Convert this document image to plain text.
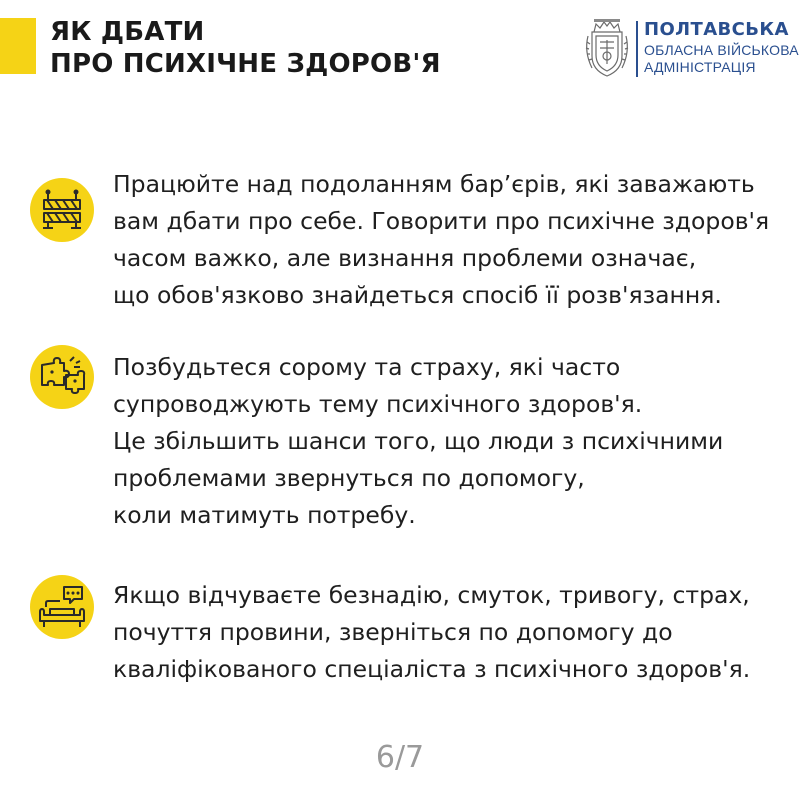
ЯК ДБАТИ
ПРО ПСИХІЧНЕ ЗДОРОВ'Я
ПОЛТАВСЬКА
ОБЛАСНА ВІЙСЬКОВА
АДМІНІСТРАЦІЯ
Працюйте над подоланням бар’єрів, які заважають
вам дбати про себе. Говорити про психічне здоров'я
часом важко, але визнання проблеми означає,
що обов'язково знайдеться спосіб її розв'язання.
Позбудьтеся сорому та страху, які часто
супроводжують тему психічного здоров'я.
Це збільшить шанси того, що люди з психічними
проблемами звернуться по допомогу,
коли матимуть потребу.
Якщо відчуваєте безнадію, смуток, тривогу, страх,
почуття провини, зверніться по допомогу до
кваліфікованого спеціаліста з психічного здоров'я.
6/7
